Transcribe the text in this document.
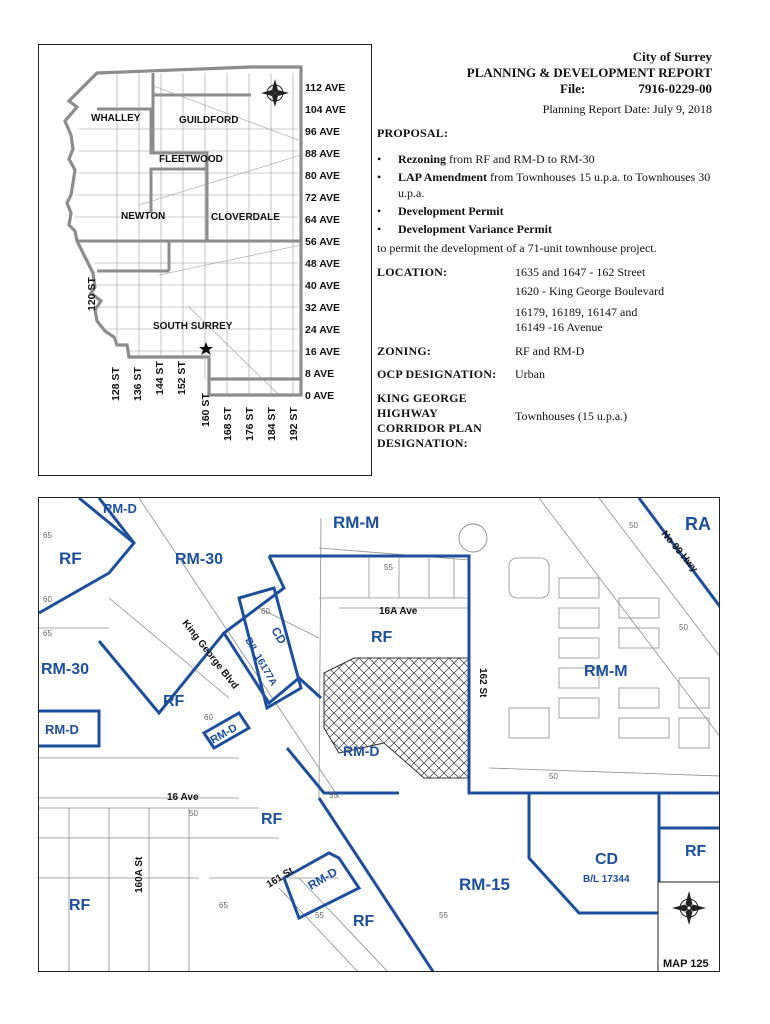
WHALLEY	GUILDFORD
FLEETWOOD
NEWTON	CLOVERDALE
SOUTH SURREY
112 AVE
104 AVE
96 AVE
88 AVE
80 AVE
72 AVE
64 AVE
56 AVE
48 AVE
40 AVE
32 AVE
24 AVE
16 AVE
8 AVE
0 AVE
120 ST
128 ST 136 ST 144 ST 152 ST
160 ST 168 ST 176 ST 184 ST 192 ST
City of Surrey
PLANNING & DEVELOPMENT REPORT
File:	7916-0229-00
Planning Report Date: July 9, 2018
PROPOSAL:
• Rezoning from RF and RM-D to RM-30
• LAP Amendment from Townhouses 15 u.p.a. to Townhouses 30 u.p.a.
• Development Permit
• Development Variance Permit
to permit the development of a 71-unit townhouse project.
LOCATION:	1635 and 1647 - 162 Street
1620 - King George Boulevard
16179, 16189, 16147 and
16149 -16 Avenue
ZONING:	RF and RM-D
OCP DESIGNATION: Urban
KING GEORGE
HIGHWAY
CORRIDOR PLAN
DESIGNATION:
Townhouses (15 u.p.a.)
65
60
55
50
60
65
60
50
55
50
50
55
55
65
16A Ave
King George Blvd	162 St
16 Ave
160A St	161 St
No 99 Hwy
RM-D
RM-M	RA
RF	RM-30
CD
B/L 16177A	RF
RM-M
RM-30
RF
RM-D	RM-D
RM-D
RF
RF
CD
B/L 17344
RM-D	RM-15
RF
RF
MAP 125
